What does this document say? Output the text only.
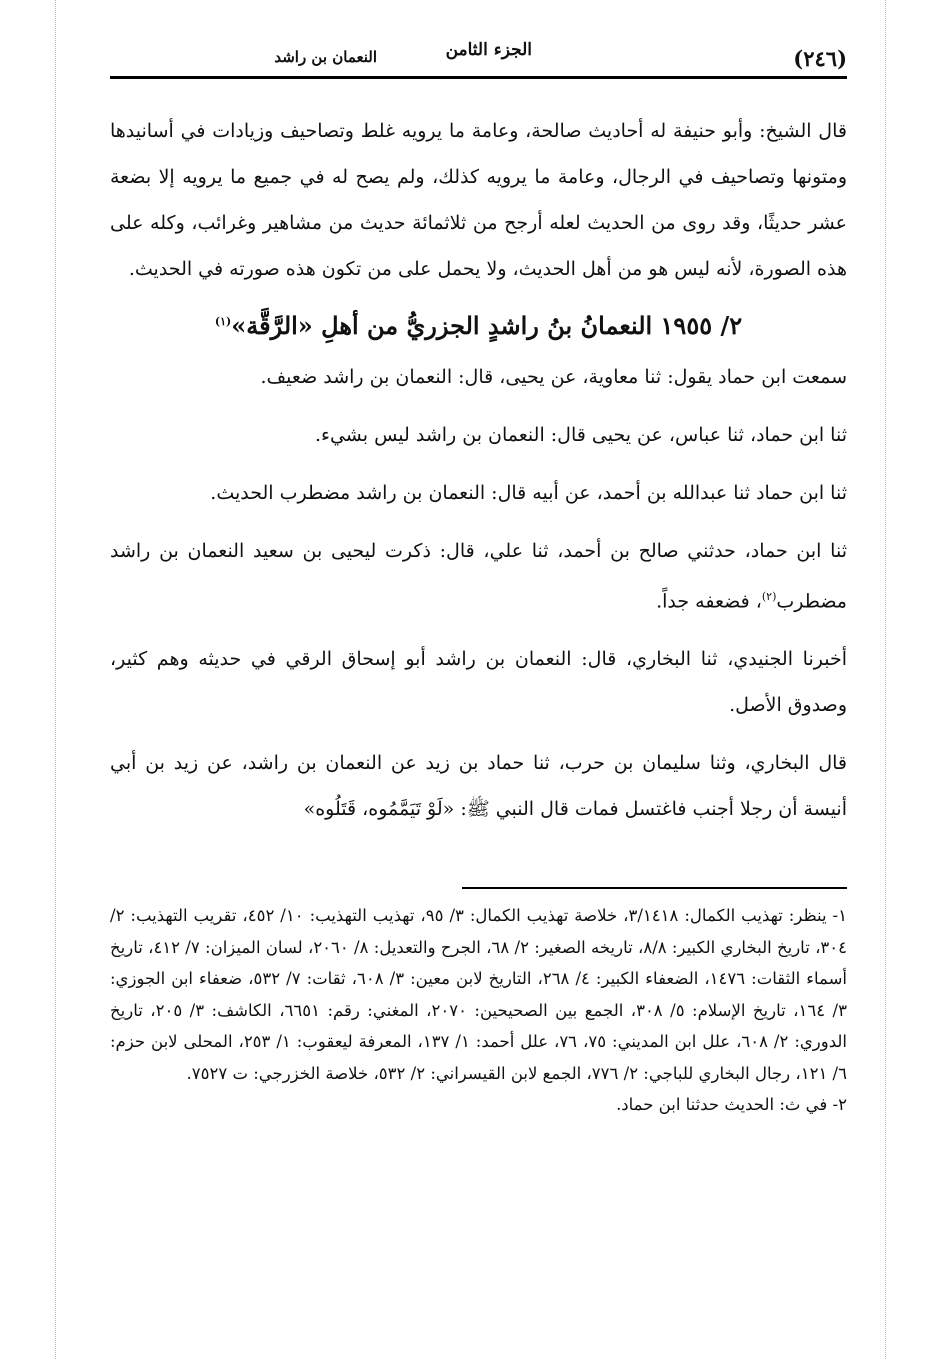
(٢٤٦)
الجزء الثامن
النعمان بن راشد

قال الشيخ: وأبو حنيفة له أحاديث صالحة، وعامة ما يرويه غلط وتصاحيف وزيادات في أسانيدها ومتونها وتصاحيف في الرجال، وعامة ما يرويه كذلك، ولم يصح له في جميع ما يرويه إلا بضعة عشر حديثًا، وقد روى من الحديث لعله أرجح من ثلاثمائة حديث من مشاهير وغرائب، وكله على هذه الصورة، لأنه ليس هو من أهل الحديث، ولا يحمل على من تكون هذه صورته في الحديث.

٢/ ١٩٥٥ النعمانُ بنُ راشدٍ الجزريُّ من أهلِ «الرَّقَّة»$^{(١)}$

سمعت ابن حماد يقول: ثنا معاوية، عن يحيى، قال: النعمان بن راشد ضعيف.

ثنا ابن حماد، ثنا عباس، عن يحيى قال: النعمان بن راشد ليس بشيء.

ثنا ابن حماد ثنا عبدالله بن أحمد، عن أبيه قال: النعمان بن راشد مضطرب الحديث.

ثنا ابن حماد، حدثني صالح بن أحمد، ثنا علي، قال: ذكرت ليحيى بن سعيد النعمان بن راشد مضطرب$^{(٢)}$، فضعفه جداً.

أخبرنا الجنيدي، ثنا البخاري، قال: النعمان بن راشد أبو إسحاق الرقي في حديثه وهم كثير، وصدوق الأصل.

قال البخاري، وثنا سليمان بن حرب، ثنا حماد بن زيد عن النعمان بن راشد، عن زيد بن أبي أنيسة أن رجلا أجنب فاغتسل فمات قال النبي ﷺ: «لَوْ تَيَمَّمُوه، قَتَلُوه»

١- ينظر: تهذيب الكمال: ٣/١٤١٨، خلاصة تهذيب الكمال: ٣/ ٩٥، تهذيب التهذيب: ١٠/ ٤٥٢، تقريب التهذيب: ٢/ ٣٠٤، تاريخ البخاري الكبير: ٨/٨، تاريخه الصغير: ٢/ ٦٨، الجرح والتعديل: ٨/ ٢٠٦٠، لسان الميزان: ٧/ ٤١٢، تاريخ أسماء الثقات: ١٤٧٦، الضعفاء الكبير: ٤/ ٢٦٨، التاريخ لابن معين: ٣/ ٦٠٨، ثقات: ٧/ ٥٣٢، ضعفاء ابن الجوزي: ٣/ ١٦٤، تاريخ الإسلام: ٥/ ٣٠٨، الجمع بين الصحيحين: ٢٠٧٠، المغني: رقم: ٦٦٥١، الكاشف: ٣/ ٢٠٥، تاريخ الدوري: ٢/ ٦٠٨، علل ابن المديني: ٧٥، ٧٦، علل أحمد: ١/ ١٣٧، المعرفة ليعقوب: ١/ ٢٥٣، المحلى لابن حزم: ٦/ ١٢١، رجال البخاري للباجي: ٢/ ٧٧٦، الجمع لابن القيسراني: ٢/ ٥٣٢، خلاصة الخزرجي: ت ٧٥٢٧.

٢- في ث: الحديث حدثنا ابن حماد.
